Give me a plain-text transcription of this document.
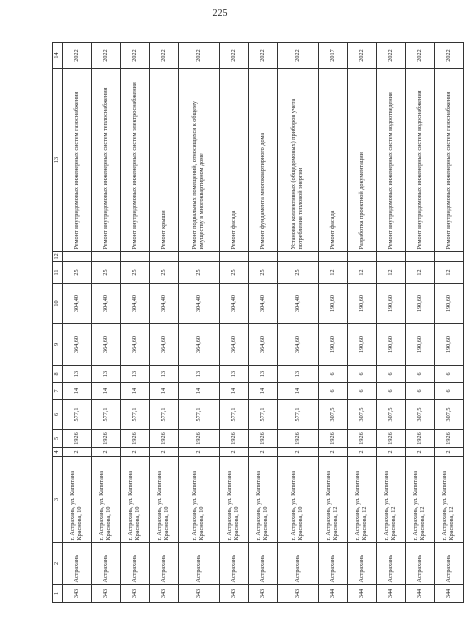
225
1	2	3	4	5	6	7	8	9	10	11	12	13	14
343	Астрахань	г. Астрахань, ул. Капитана Краснова, 10	2	1926	577,1	14	13	364,60	304,40	25		Ремонт внутридомовых инженерных систем газоснабжения	2022
343	Астрахань	г. Астрахань, ул. Капитана Краснова, 10	2	1926	577,1	14	13	364,60	304,40	25		Ремонт внутридомовых инженерных систем теплоснабжения	2022
343	Астрахань	г. Астрахань, ул. Капитана Краснова, 10	2	1926	577,1	14	13	364,60	304,40	25		Ремонт внутридомовых инженерных систем электроснабжения	2022
343	Астрахань	г. Астрахань, ул. Капитана Краснова, 10	2	1926	577,1	14	13	364,60	304,40	25		Ремонт крыши	2022
343	Астрахань	г. Астрахань, ул. Капитана Краснова, 10	2	1926	577,1	14	13	364,60	304,40	25		Ремонт подвальных помещений, относящихся к общему имуществу в многоквартирном доме	2022
343	Астрахань	г. Астрахань, ул. Капитана Краснова, 10	2	1926	577,1	14	13	364,60	304,40	25		Ремонт фасада	2022
343	Астрахань	г. Астрахань, ул. Капитана Краснова, 10	2	1926	577,1	14	13	364,60	304,40	25		Ремонт фундамента многоквартирного дома	2022
343	Астрахань	г. Астрахань, ул. Капитана Краснова, 10	2	1926	577,1	14	13	364,60	304,40	25		Установка коллективных (общедомовых) приборов учета потребления тепловой энергии	2022
344	Астрахань	г. Астрахань, ул. Капитана Краснова, 12	2	1926	307,5	6	6	190,60	190,60	12		Ремонт фасада	2017
344	Астрахань	г. Астрахань, ул. Капитана Краснова, 12	2	1926	307,5	6	6	190,60	190,60	12		Разработка проектной документации	2022
344	Астрахань	г. Астрахань, ул. Капитана Краснова, 12	2	1926	307,5	6	6	190,60	190,60	12		Ремонт внутридомовых инженерных систем водоотведения	2022
344	Астрахань	г. Астрахань, ул. Капитана Краснова, 12	2	1926	307,5	6	6	190,60	190,60	12		Ремонт внутридомовых инженерных систем водоснабжения	2022
344	Астрахань	г. Астрахань, ул. Капитана Краснова, 12	2	1926	307,5	6	6	190,60	190,60	12		Ремонт внутридомовых инженерных систем газоснабжения	2022
